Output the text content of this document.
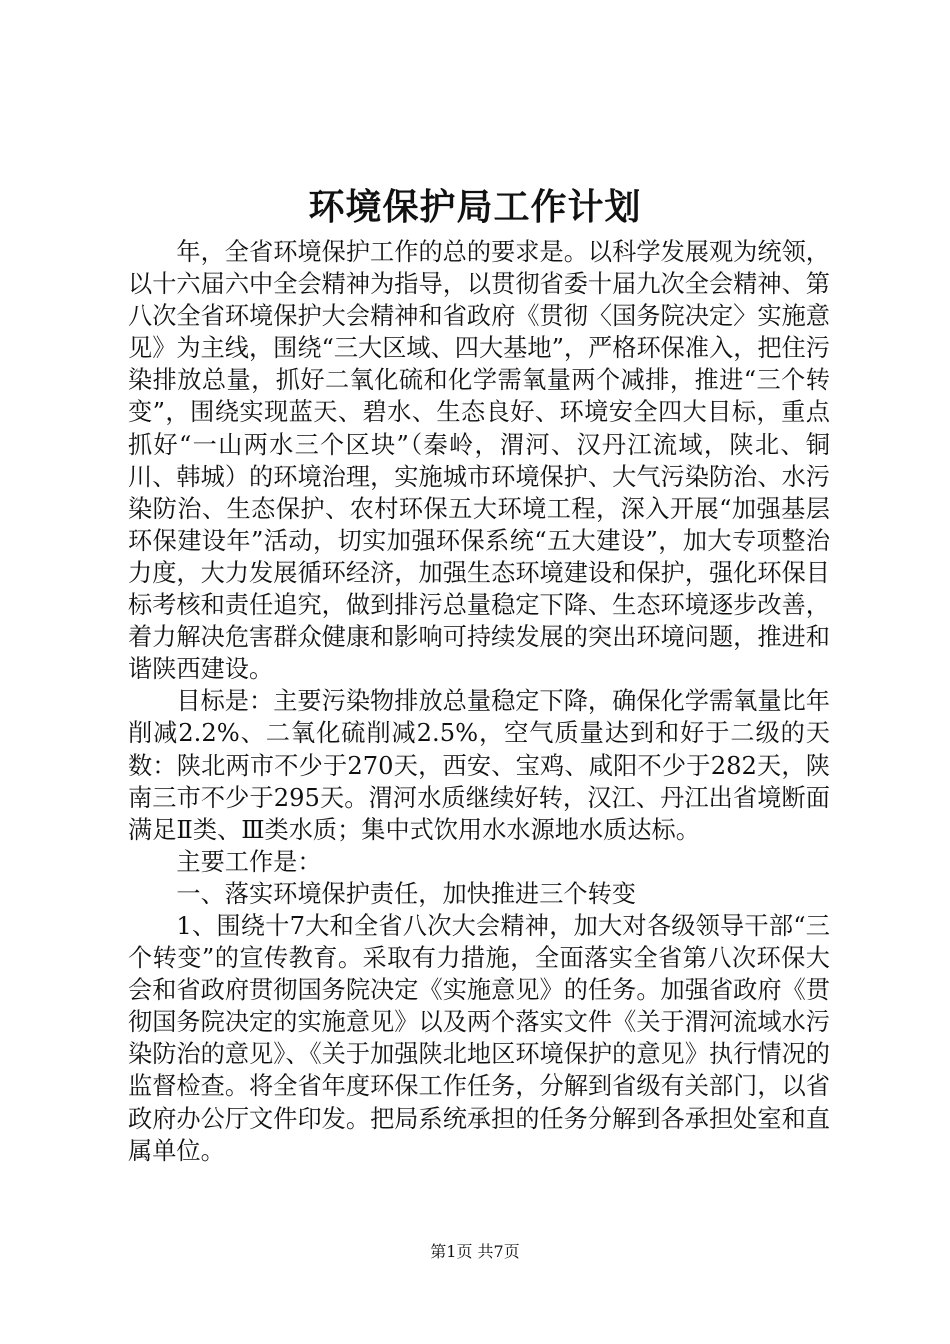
环境保护局工作计划

年，全省环境保护工作的总的要求是。以科学发展观为统领，以十六届六中全会精神为指导，以贯彻省委十届九次全会精神、第八次全省环境保护大会精神和省政府《贯彻〈国务院决定〉实施意见》为主线，围绕“三大区域、四大基地”，严格环保准入，把住污染排放总量，抓好二氧化硫和化学需氧量两个减排，推进“三个转变”，围绕实现蓝天、碧水、生态良好、环境安全四大目标，重点抓好“一山两水三个区块”（秦岭，渭河、汉丹江流域，陕北、铜川、韩城）的环境治理，实施城市环境保护、大气污染防治、水污染防治、生态保护、农村环保五大环境工程，深入开展“加强基层环保建设年”活动，切实加强环保系统“五大建设”，加大专项整治力度，大力发展循环经济，加强生态环境建设和保护，强化环保目标考核和责任追究，做到排污总量稳定下降、生态环境逐步改善，着力解决危害群众健康和影响可持续发展的突出环境问题，推进和谐陕西建设。

目标是：主要污染物排放总量稳定下降，确保化学需氧量比年削减2.2%、二氧化硫削减2.5%，空气质量达到和好于二级的天数：陕北两市不少于270天，西安、宝鸡、咸阳不少于282天，陕南三市不少于295天。渭河水质继续好转，汉江、丹江出省境断面满足Ⅱ类、Ⅲ类水质；集中式饮用水水源地水质达标。

主要工作是：

一、落实环境保护责任，加快推进三个转变

1、围绕十7大和全省八次大会精神，加大对各级领导干部“三个转变”的宣传教育。采取有力措施，全面落实全省第八次环保大会和省政府贯彻国务院决定《实施意见》的任务。加强省政府《贯彻国务院决定的实施意见》以及两个落实文件《关于渭河流域水污染防治的意见》、《关于加强陕北地区环境保护的意见》执行情况的监督检查。将全省年度环保工作任务，分解到省级有关部门，以省政府办公厅文件印发。把局系统承担的任务分解到各承担处室和直属单位。

第1页 共7页
